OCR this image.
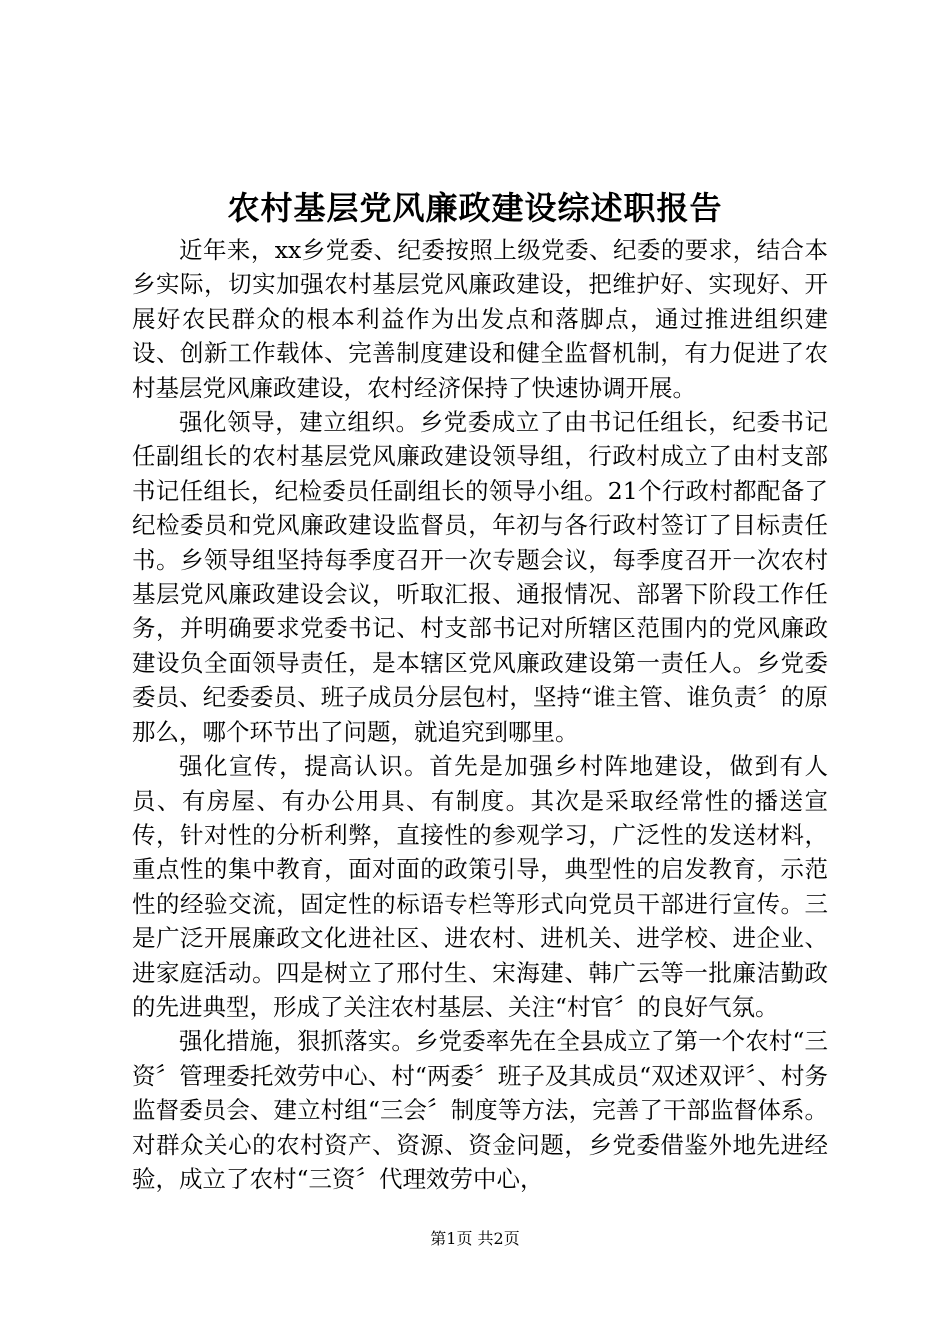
农村基层党风廉政建设综述职报告

近年来，xx乡党委、纪委按照上级党委、纪委的要求，结合本乡实际，切实加强农村基层党风廉政建设，把维护好、实现好、开展好农民群众的根本利益作为出发点和落脚点，通过推进组织建设、创新工作载体、完善制度建设和健全监督机制，有力促进了农村基层党风廉政建设，农村经济保持了快速协调开展。

强化领导，建立组织。乡党委成立了由书记任组长，纪委书记任副组长的农村基层党风廉政建设领导组，行政村成立了由村支部书记任组长，纪检委员任副组长的领导小组。21个行政村都配备了纪检委员和党风廉政建设监督员，年初与各行政村签订了目标责任书。乡领导组坚持每季度召开一次专题会议，每季度召开一次农村基层党风廉政建设会议，听取汇报、通报情况、部署下阶段工作任务，并明确要求党委书记、村支部书记对所辖区范围内的党风廉政建设负全面领导责任，是本辖区党风廉政建设第一责任人。乡党委委员、纪委委员、班子成员分层包村，坚持“谁主管、谁负责〞的原那么，哪个环节出了问题，就追究到哪里。

强化宣传，提高认识。首先是加强乡村阵地建设，做到有人员、有房屋、有办公用具、有制度。其次是采取经常性的播送宣传，针对性的分析利弊，直接性的参观学习，广泛性的发送材料，重点性的集中教育，面对面的政策引导，典型性的启发教育，示范性的经验交流，固定性的标语专栏等形式向党员干部进行宣传。三是广泛开展廉政文化进社区、进农村、进机关、进学校、进企业、进家庭活动。四是树立了邢付生、宋海建、韩广云等一批廉洁勤政的先进典型，形成了关注农村基层、关注“村官〞的良好气氛。

强化措施，狠抓落实。乡党委率先在全县成立了第一个农村“三资〞管理委托效劳中心、村“两委〞班子及其成员“双述双评〞、村务监督委员会、建立村组“三会〞制度等方法，完善了干部监督体系。对群众关心的农村资产、资源、资金问题，乡党委借鉴外地先进经验，成立了农村“三资〞代理效劳中心，

第1页 共2页
